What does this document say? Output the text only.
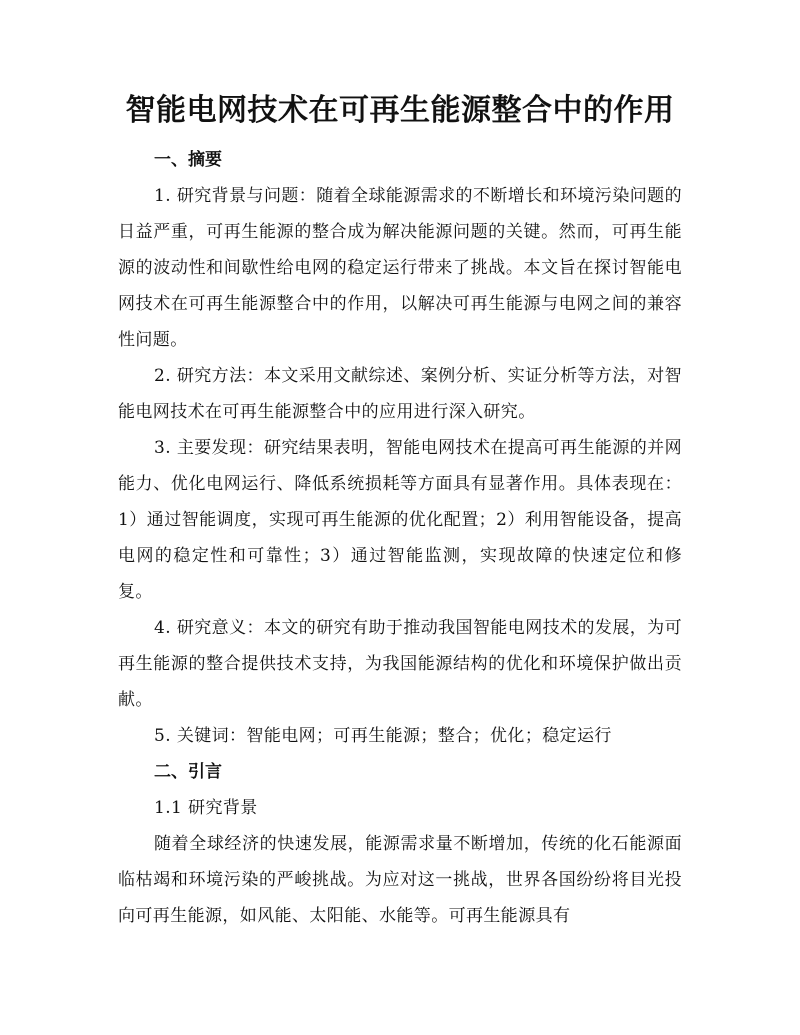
智能电网技术在可再生能源整合中的作用
一、摘要

1. 研究背景与问题：随着全球能源需求的不断增长和环境污染问题的日益严重，可再生能源的整合成为解决能源问题的关键。然而，可再生能源的波动性和间歇性给电网的稳定运行带来了挑战。本文旨在探讨智能电网技术在可再生能源整合中的作用，以解决可再生能源与电网之间的兼容性问题。

2. 研究方法：本文采用文献综述、案例分析、实证分析等方法，对智能电网技术在可再生能源整合中的应用进行深入研究。

3. 主要发现：研究结果表明，智能电网技术在提高可再生能源的并网能力、优化电网运行、降低系统损耗等方面具有显著作用。具体表现在：1）通过智能调度，实现可再生能源的优化配置；2）利用智能设备，提高电网的稳定性和可靠性；3）通过智能监测，实现故障的快速定位和修复。

4. 研究意义：本文的研究有助于推动我国智能电网技术的发展，为可再生能源的整合提供技术支持，为我国能源结构的优化和环境保护做出贡献。

5. 关键词：智能电网；可再生能源；整合；优化；稳定运行

二、引言
1.1 研究背景

随着全球经济的快速发展，能源需求量不断增加，传统的化石能源面临枯竭和环境污染的严峻挑战。为应对这一挑战，世界各国纷纷将目光投向可再生能源，如风能、太阳能、水能等。可再生能源具有
